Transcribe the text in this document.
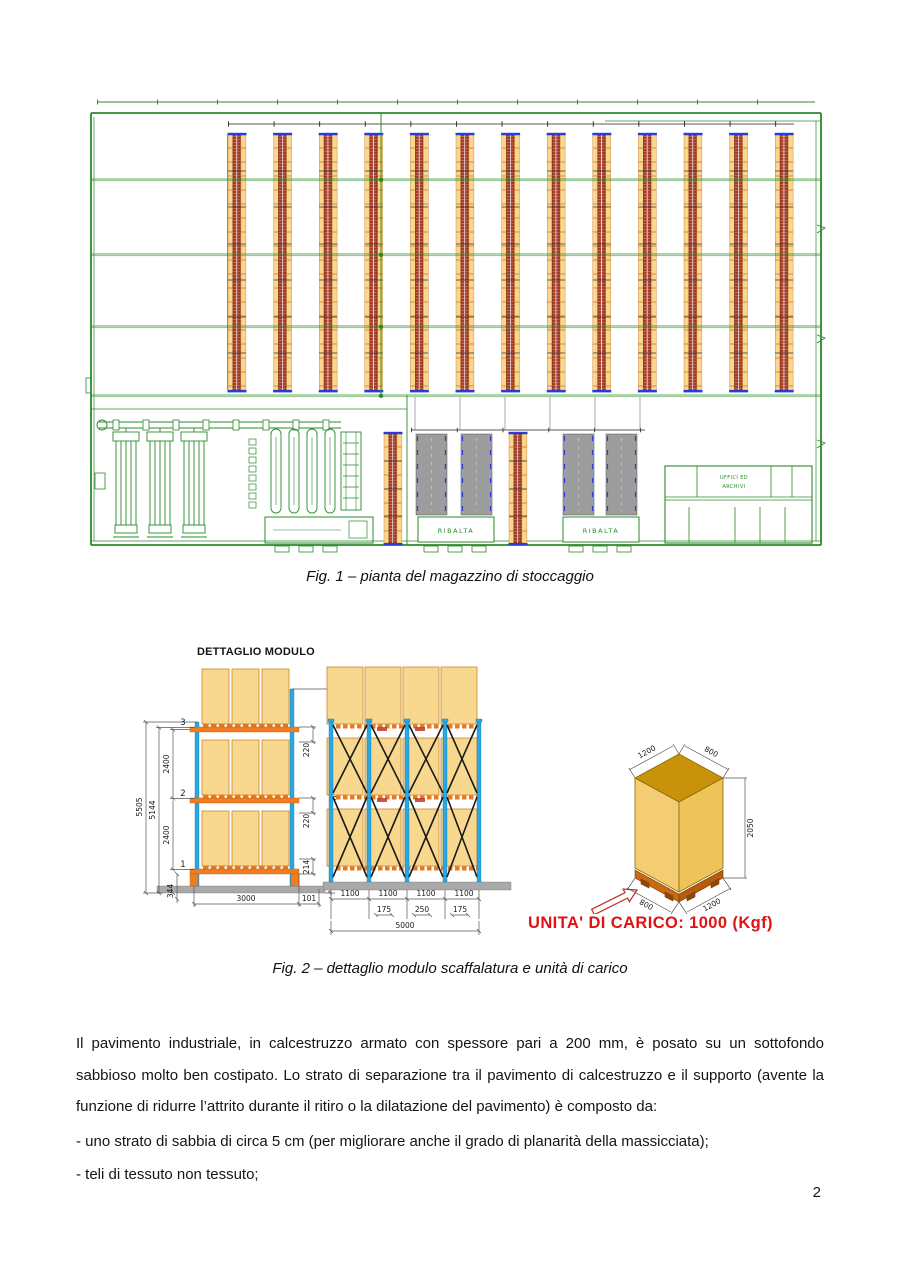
RIBALTA	RIBALTA
UFFICI ED
ARCHIVI
Fig. 1 – pianta del magazzino di stoccaggio
DETTAGLIO MODULO
3
2
1
5505 5144
2400
2400
220
220
214
344
3000	101
1100	1100	1100	1100
175	250	175
5000
1200	800
2050
800	1200
UNITA' DI CARICO: 1000 (Kgf)
Fig. 2 – dettaglio modulo scaffalatura e unità di carico

Il pavimento industriale, in calcestruzzo armato con spessore pari a 200 mm, è posato su un sottofondo sabbioso molto ben costipato. Lo strato di separazione tra il pavimento di calcestruzzo e il supporto (avente la funzione di ridurre l’attrito durante il ritiro o la dilatazione del pavimento) è composto da:

- uno strato di sabbia di circa 5 cm (per migliorare anche il grado di planarità della massicciata);

- teli di tessuto non tessuto;

2
